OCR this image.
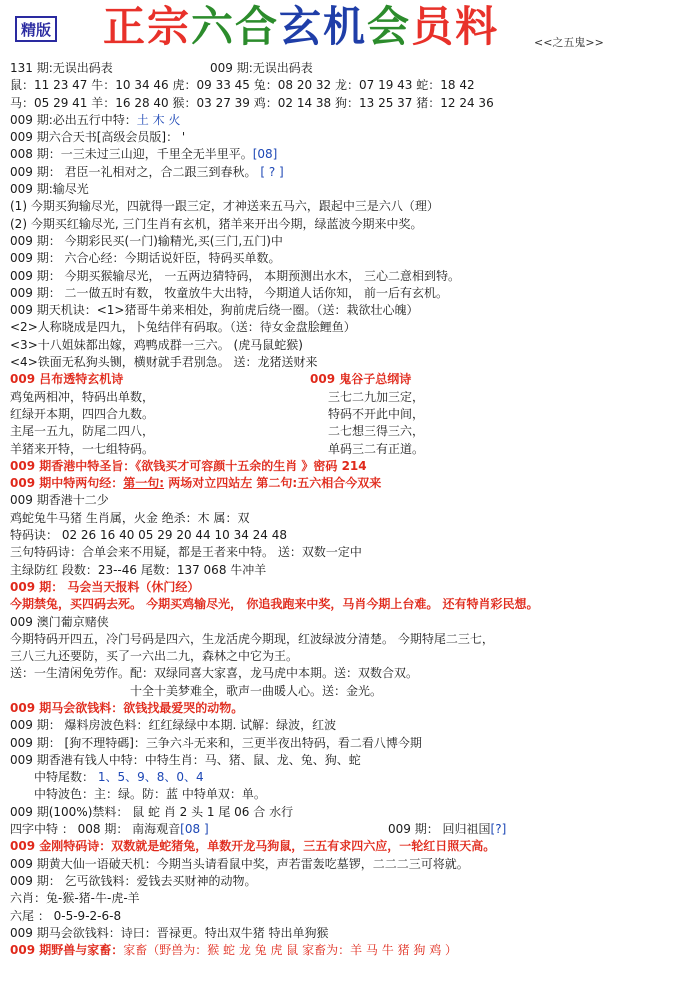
精版 正宗六合玄机会员料	<<之五鬼>>
131 期:无误出码表	009 期:无误出码表
鼠：11 23 47 牛：10 34 46 虎：09 33 45 兔：08 20 32 龙：07 19 43 蛇：18 42
马：05 29 41 羊：16 28 40 猴：03 27 39 鸡：02 14 38 狗：13 25 37 猪：12 24 36
009 期:必出五行中特：土 木 火
009 期六合天书[高级会员版]： '
008 期：一三未过三山迎，千里全无半里平。[08]
009 期： 君臣一礼相对之，合二跟三到春秋。 [ ? ]
009 期:输尽光
(1) 今期买狗输尽光，四就得一跟三定，才神送来五马六，跟起中三是六八（理）
(2) 今期买红输尽光, 三门生肖有玄机，猪羊来开出今期，绿蓝波今期来中奖。
009 期： 今期彩民买(一门)输精光,买(三门,五门)中
009 期： 六合心经：今期话说奸臣，特码买单数。
009 期： 今期买猴输尽光， 一五两边猜特码， 本期预测出水木， 三心二意相到特。
009 期： 二一做五时有数， 牧童放牛大出特， 今期道人话你知， 前一后有玄机。
009 期天机诀：<1>猪哥牛弟来相处，狗前虎后绕一圈。（送：栽欲壮心魄）
<2>人称晓成是四九，卜兔结伴有码取。（送：待女金盘脍鲤鱼）
<3>十八姐妹都出嫁，鸡鸭成群一三六。 (虎马鼠蛇猴)
<4>铁面无私狗头铡，横财就手君别急。 送：龙猪送财来
009 吕布透特玄机诗	009 鬼谷子总纲诗
鸡兔两相冲，特码出单数，	三七二九加三定，
红绿开本期，四四合九数。	特码不开此中间，
主尾一五九，防尾二四八，	二七想三得三六，
羊猪来开特，一七组特码。	单码三二有正道。
009 期香港中特圣旨：《欲钱买才可容颜十五余的生肖 》密码 214
009 期中特两句经：第一句: 两场对立四站左 第二句:五六相合今双来
009 期香港十二少
鸡蛇兔牛马猪 生肖属，火金 绝杀：木 属：双
特码诀： 02 26 16 40 05 29 20 44 10 34 24 48
三句特码诗：合单会来不用疑，都是王者来中特。 送：双数一定中
主绿防红 段数：23--46 尾数：137 068 牛冲羊
009 期： 马会当天报料（休门经）
今期禁兔，买四码去死。 今期买鸡输尽光， 你追我跑来中奖，马肖今期上台难。 还有特肖彩民想。
009 澳门葡京赌侠
今期特码开四五，冷门号码是四六，生龙活虎今期现，红波绿波分清楚。 今期特尾二三七，
三八三九还要防，买了一六出二九，森林之中它为王。
送：一生清闲免劳作。配：双绿同喜大家喜，龙马虎中本期。送：双数合双。
十全十美梦难全，歌声一曲暖人心。送：金光。
009 期马会欲钱料：欲钱找最爱哭的动物。
009 期： 爆料房波色料：红红绿绿中本期. 试解：绿波，红波
009 期： [狗不理特碼]：三争六斗无来和，三更半夜出特码，看二看八博今期
009 期香港有钱人中特：中特生肖：马、猪、鼠、龙、兔、狗、蛇
中特尾数： 1、5、9、8、0、4
中特波色：主：绿。防：蓝 中特单双：单。
009 期(100%)禁料： 鼠 蛇 肖 2 头 1 尾 06 合 水行
四字中特 ： 008 期： 南海观音[08 ]	009 期： 回归祖国[?]
009 金刚特码诗：双数就是蛇猪兔，单数开龙马狗鼠，三五有求四六应，一轮红日照天高。
009 期黄大仙一语破天机：今期当头请看鼠中奖，声若雷轰吃墓锣，二二二三可将就。
009 期： 乞丐欲钱料：爱钱去买财神的动物。
六肖：兔-猴-猪-牛-虎-羊
六尾 ： 0-5-9-2-6-8
009 期马会欲钱料：诗曰：晋禄更。特出双牛猪 特出单狗猴
009 期野兽与家畜：家畜（野兽为：猴 蛇 龙 兔 虎 鼠 家畜为：羊 马 牛 猪 狗 鸡 ）
